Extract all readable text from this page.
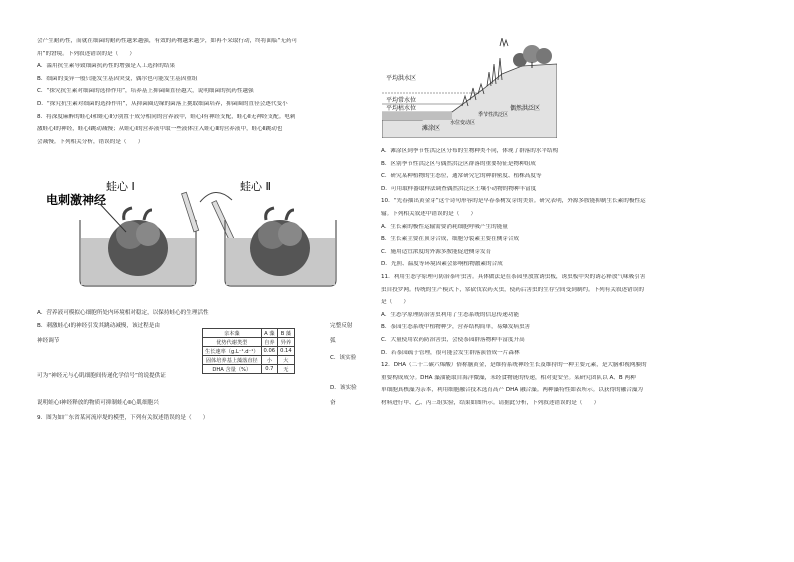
会产生耐药性，而就在细菌的耐药性越来越强，有效的药物越来越少，如再不采取行动，终将面临“无药可

用”的窘境。下列叙述错误的是（　　）

A．滥用抗生素导致细菌抗药性的增强是人工选择的结果

B．细菌的变异一般只能发生基因突变，偶尔也可能发生基因重组

C．“探究抗生素对细菌的选择作用”，培养基上抑菌圈直径越大，说明细菌的抗药性越强

D．“探究抗生素对细菌的选择作用”，从抑菌圈边缘的菌落上挑取细菌培养，抑菌圈的直径会逐代变小

8．将深度麻醉的蛙心Ⅰ和蛙心Ⅱ分别置于成分相同的营养液中，蛙心Ⅰ有神经支配，蛙心Ⅱ无神经支配。电刺

激蛙心Ⅰ的神经，蛙心Ⅰ跳动减慢；从蛙心Ⅰ的营养液中取一些液体注入蛙心Ⅱ的营养液中，蛙心Ⅱ跳动也

会减慢。下列相关分析，错误的是（　　）

电刺激神经
蛙心 Ⅰ	蛙心 Ⅱ
A．营养液可模拟心细胞所处内环境相对稳定，以保持蛙心的生理活性
B．刺激蛙心Ⅰ的神经引发其跳动减慢，该过程是由
神经调节
可为“神经元与心肌细胞间传递化学信号”的说提供证
说明蛙心Ⅰ神经释放的物质可抑制蛙心Ⅱ心肌细胞兴
9．图为如广东省某河流岸堤的模型，下列有关叙述错误的是（　　）
完整反射
弧
C．该实验
D．该实验
奋
亲本藻	A 藻	B 藻
优势代谢类型	自养	异养
生长速率（g.L⁻¹.d⁻¹）	0.06	0.14
固体培养基上藻落直径	小	大
DHA 含量（%）	0.7	无
平均洪水区
平均常水位
平均枯水位
滩涂区
水位变动区
季节性洪泛区
偶然洪泛区

A．滩涂区到季节性洪泛区分布的生物种类不同，体现了群落的水平结构

B．区别季节性洪泛区与偶然洪泛区群落的重要特征是物种组成

C．研究某种植物的生态位，通常研究它的种群密度、植株高度等

D．可用取样器取样法调查偶然洪泛区土壤小动物的物种丰富度

10．“先春抽出黄金芽”这个诗句形容的是早春茶树发芽的美景。研究表明，外源多胺能抑制生长素的极性运

输。下列相关叙述中错误的是（　　）

A．生长素的极性运输需要消耗细胞呼吸产生的能量

B．生长素主要在顶芽合成，细胞分裂素主要在侧芽合成

C．施用适宜浓度的外源多胺能促进侧芽发育

D．光照、温度等环境因素会影响植物激素的合成

11．利用生态学原理可防治茶叶虫害。具体做法是在茶园里放置诱虫板，诱虫板中央的诱芯释放气味吸引害

虫自投罗网。传统的生产模式下，常砍伐农药灭虫，使药后害虫的生存空间受到制约。下列有关叙述错误的

是（　　）

A．生态学原理防治害虫利用了生态系统的信息传递功能

B．茶园生态系统中植物种少，营养结构简单，易爆发病虫害

C．大量使用农药防治害虫，会使茶园群落物种丰富度升高

D．若茶园疏于管理，很可能会发生群落演替成一片森林

12．DHA（二十二碳六烯酸）俗称脑黄金，是维持系统神经生长及维持的一种主要元素，是大脑和视网膜的

重要构成成分。DHA 藻油能取自海洋微藻，未经食物链的传递，相对更安全。某研究团队以 A、B 两种

单细胞真核藻为亲本，利用细胞融合技术选育高产 DHA 融合藻。两种藻特性如表所示。以获得的融合藻为

材料进行甲、乙、丙三组实验，结果如图所示。请据此分析，下列叙述错误的是（　　）
